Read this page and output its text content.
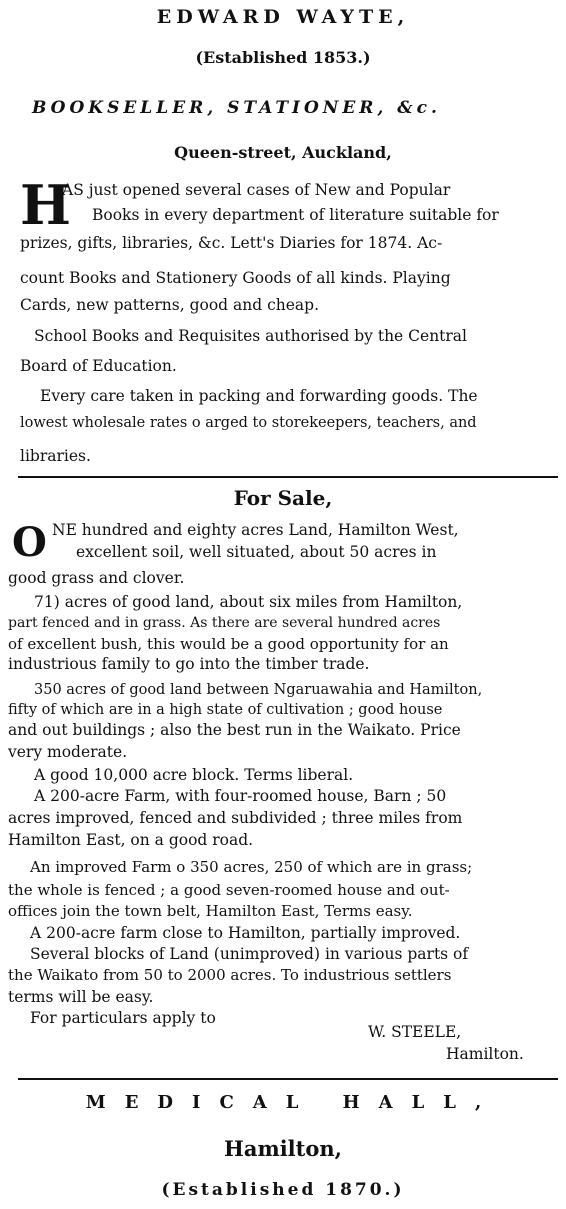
EDWARD WAYTE,
(Established 1853.)
BOOKSELLER, STATIONER, &c.
Queen-street, Auckland,
H
AS just opened several cases of New and Popular
Books in every department of literature suitable for
prizes, gifts, libraries, &c. Lett's Diaries for 1874. Ac-
count Books and Stationery Goods of all kinds. Playing
Cards, new patterns, good and cheap.
School Books and Requisites authorised by the Central
Board of Education.
Every care taken in packing and forwarding goods. The
lowest wholesale rates o arged to storekeepers, teachers, and
libraries.
For Sale,
O NE hundred and eighty acres Land, Hamilton West,
excellent soil, well situated, about 50 acres in
good grass and clover.
71) acres of good land, about six miles from Hamilton,
part fenced and in grass. As there are several hundred acres
of excellent bush, this would be a good opportunity for an
industrious family to go into the timber trade.
350 acres of good land between Ngaruawahia and Hamilton,
fifty of which are in a high state of cultivation ; good house
and out buildings ; also the best run in the Waikato. Price
very moderate.
A good 10,000 acre block. Terms liberal.
A 200-acre Farm, with four-roomed house, Barn ; 50
acres improved, fenced and subdivided ; three miles from
Hamilton East, on a good road.
An improved Farm o 350 acres, 250 of which are in grass;
the whole is fenced ; a good seven-roomed house and out-
offices join the town belt, Hamilton East, Terms easy.
A 200-acre farm close to Hamilton, partially improved.
Several blocks of Land (unimproved) in various parts of
the Waikato from 50 to 2000 acres. To industrious settlers
terms will be easy.
For particulars apply to
W. STEELE,
Hamilton.
MEDICAL HALL,
Hamilton,
(Established 1870.)
